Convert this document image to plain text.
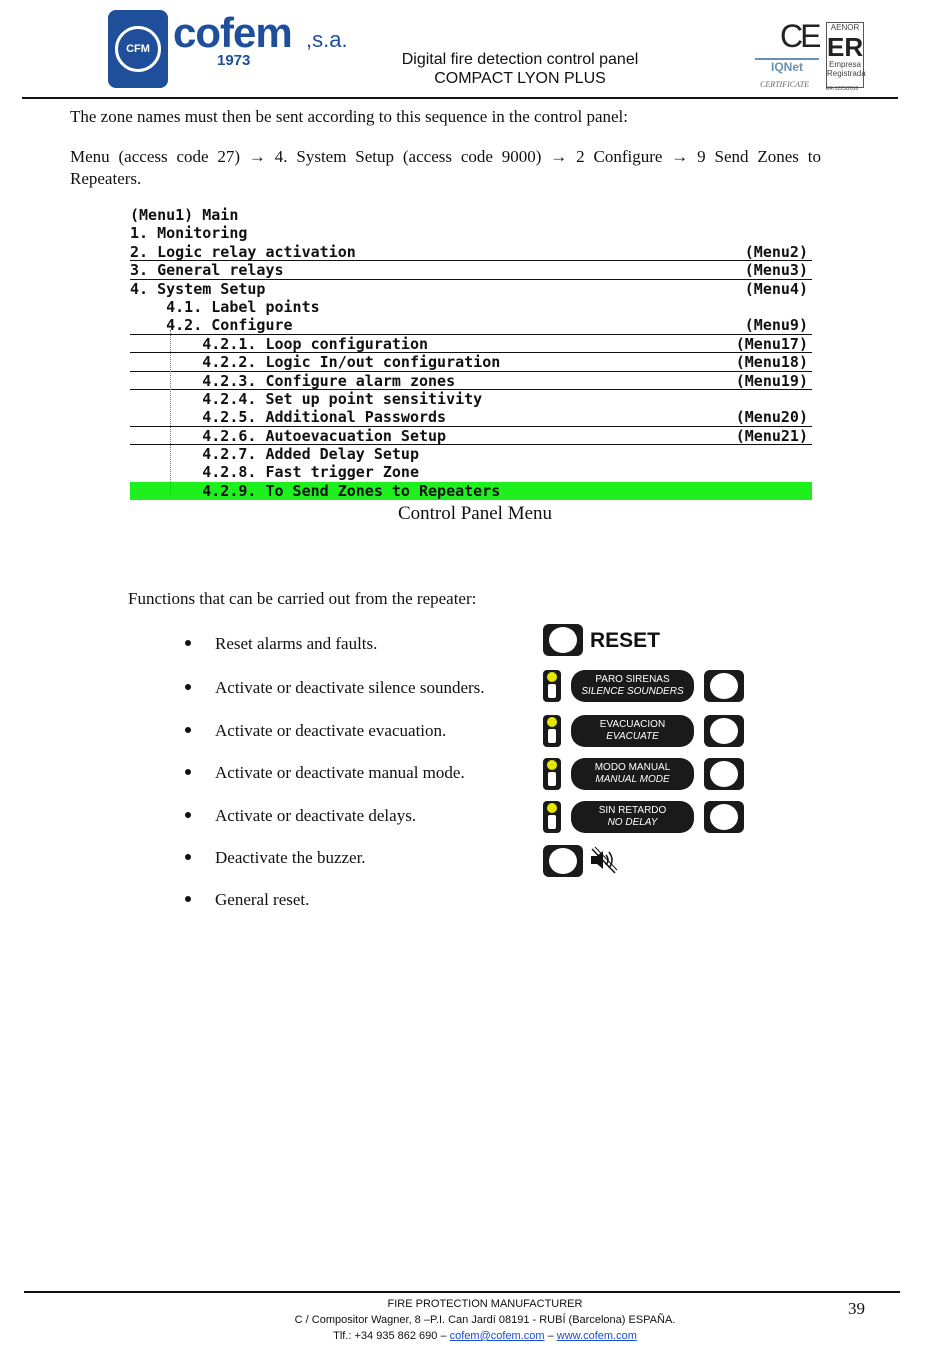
CFM cofem ,s.a.
1973	Digital fire detection control panel
COMPACT LYON PLUS
CE
IQNet
CERTIFICATE
AENOR
ER
Empresa
Registrada
ER-1225/2010
The zone names must then be sent according to this sequence in the control panel:
Menu (access code 27) → 4. System Setup (access code 9000) → 2 Configure → 9 Send Zones to
Repeaters.
(Menu1) Main
1. Monitoring
2. Logic relay activation	(Menu2)
3. General relays	(Menu3)
4. System Setup	(Menu4)
4.1. Label points
4.2. Configure	(Menu9)
4.2.1. Loop configuration	(Menu17)
4.2.2. Logic In/out configuration	(Menu18)
4.2.3. Configure alarm zones	(Menu19)
4.2.4. Set up point sensitivity
4.2.5. Additional Passwords	(Menu20)
4.2.6. Autoevacuation Setup	(Menu21)
4.2.7. Added Delay Setup
4.2.8. Fast trigger Zone
4.2.9. To Send Zones to Repeaters
Control Panel Menu
Functions that can be carried out from the repeater:
Reset alarms and faults.
Activate or deactivate silence sounders.
Activate or deactivate evacuation.
Activate or deactivate manual mode.
Activate or deactivate delays.
Deactivate the buzzer.
General reset.
RESET
PARO SIRENAS
SILENCE SOUNDERS
EVACUACION
EVACUATE
MODO MANUAL
MANUAL MODE
SIN RETARDO
NO DELAY
FIRE PROTECTION MANUFACTURER
C / Compositor Wagner, 8 –P.I. Can Jardí 08191 - RUBÍ (Barcelona) ESPAÑA.
Tlf.: +34 935 862 690 – cofem@cofem.com – www.cofem.com
39
